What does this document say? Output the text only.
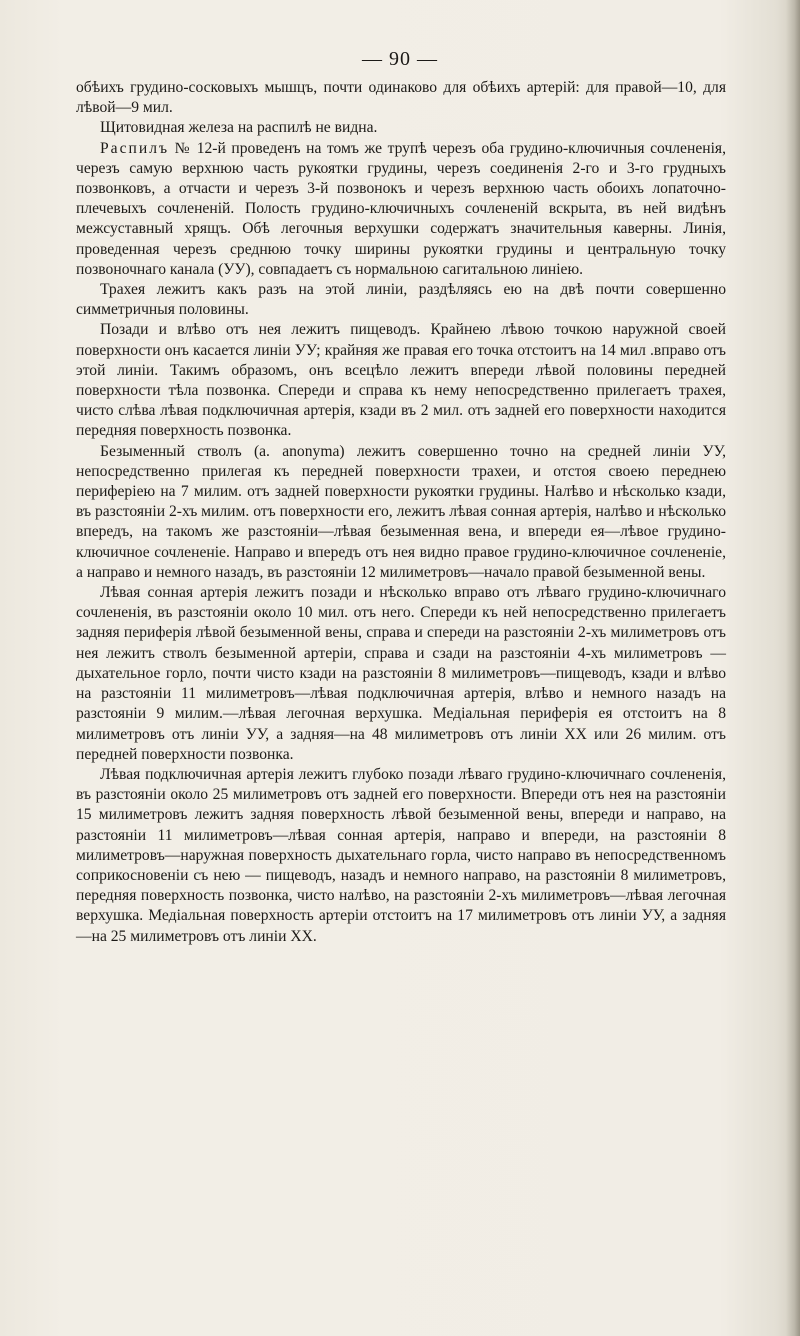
— 90 —

обѣихъ грудино-сосковыхъ мышцъ, почти одинаково для обѣихъ артерій: для правой—10, для лѣвой—9 мил.

Щитовидная железа на распилѣ не видна.

Распилъ № 12-й проведенъ на томъ же трупѣ черезъ оба грудино-ключичныя сочлененія, черезъ самую верхнюю часть рукоятки грудины, черезъ соединенія 2-го и 3-го грудныхъ позвонковъ, а отчасти и черезъ 3-й позвонокъ и черезъ верхнюю часть обоихъ лопаточно-плечевыхъ сочлененій. Полость грудино-ключичныхъ сочлененій вскрыта, въ ней видѣнъ межсуставный хрящъ. Обѣ легочныя верхушки содержатъ значительныя каверны. Линія, проведенная черезъ среднюю точку ширины рукоятки грудины и центральную точку позвоночнаго канала (УУ), совпадаетъ съ нормальною сагитальною линіею.

Трахея лежитъ какъ разъ на этой линіи, раздѣляясь ею на двѣ почти совершенно симметричныя половины.

Позади и влѣво отъ нея лежитъ пищеводъ. Крайнею лѣвою точкою наружной своей поверхности онъ касается линіи УУ; крайняя же правая его точка отстоитъ на 14 мил .вправо отъ этой линіи. Такимъ образомъ, онъ всецѣло лежитъ впереди лѣвой половины передней поверхности тѣла позвонка. Спереди и справа къ нему непосредственно прилегаетъ трахея, чисто слѣва лѣвая подключичная артерія, кзади въ 2 мил. отъ задней его поверхности находится передняя поверхность позвонка.

Безыменный стволъ (a. anonyma) лежитъ совершенно точно на средней линіи УУ, непосредственно прилегая къ передней поверхности трахеи, и отстоя своею переднею периферіею на 7 милим. отъ задней поверхности рукоятки грудины. Налѣво и нѣсколько кзади, въ разстояніи 2-хъ милим. отъ поверхности его, лежитъ лѣвая сонная артерія, налѣво и нѣсколько впередъ, на такомъ же разстояніи—лѣвая безыменная вена, и впереди ея—лѣвое грудино-ключичное сочлененіе. Направо и впередъ отъ нея видно правое грудино-ключичное сочлененіе, а направо и немного назадъ, въ разстояніи 12 милиметровъ—начало правой безыменной вены.

Лѣвая сонная артерія лежитъ позади и нѣсколько вправо отъ лѣваго грудино-ключичнаго сочлененія, въ разстояніи около 10 мил. отъ него. Спереди къ ней непосредственно прилегаетъ задняя периферія лѣвой безыменной вены, справа и спереди на разстояніи 2-хъ милиметровъ отъ нея лежитъ стволъ безыменной артеріи, справа и сзади на разстояніи 4-хъ милиметровъ — дыхательное горло, почти чисто кзади на разстояніи 8 милиметровъ—пищеводъ, кзади и влѣво на разстояніи 11 милиметровъ—лѣвая подключичная артерія, влѣво и немного назадъ на разстояніи 9 милим.—лѣвая легочная верхушка. Медіальная периферія ея отстоитъ на 8 милиметровъ отъ линіи УУ, а задняя—на 48 милиметровъ отъ линіи XX или 26 милим. отъ передней поверхности позвонка.

Лѣвая подключичная артерія лежитъ глубоко позади лѣваго грудино-ключичнаго сочлененія, въ разстояніи около 25 милиметровъ отъ задней его поверхности. Впереди отъ нея на разстояніи 15 милиметровъ лежитъ задняя поверхность лѣвой безыменной вены, впереди и направо, на разстояніи 11 милиметровъ—лѣвая сонная артерія, направо и впереди, на разстояніи 8 милиметровъ—наружная поверхность дыхательнаго горла, чисто направо въ непосредственномъ соприкосновеніи съ нею — пищеводъ, назадъ и немного направо, на разстояніи 8 милиметровъ, передняя поверхность позвонка, чисто налѣво, на разстояніи 2-хъ милиметровъ—лѣвая легочная верхушка. Медіальная поверхность артеріи отстоитъ на 17 милиметровъ отъ линіи УУ, а задняя—на 25 милиметровъ отъ линіи XX.
